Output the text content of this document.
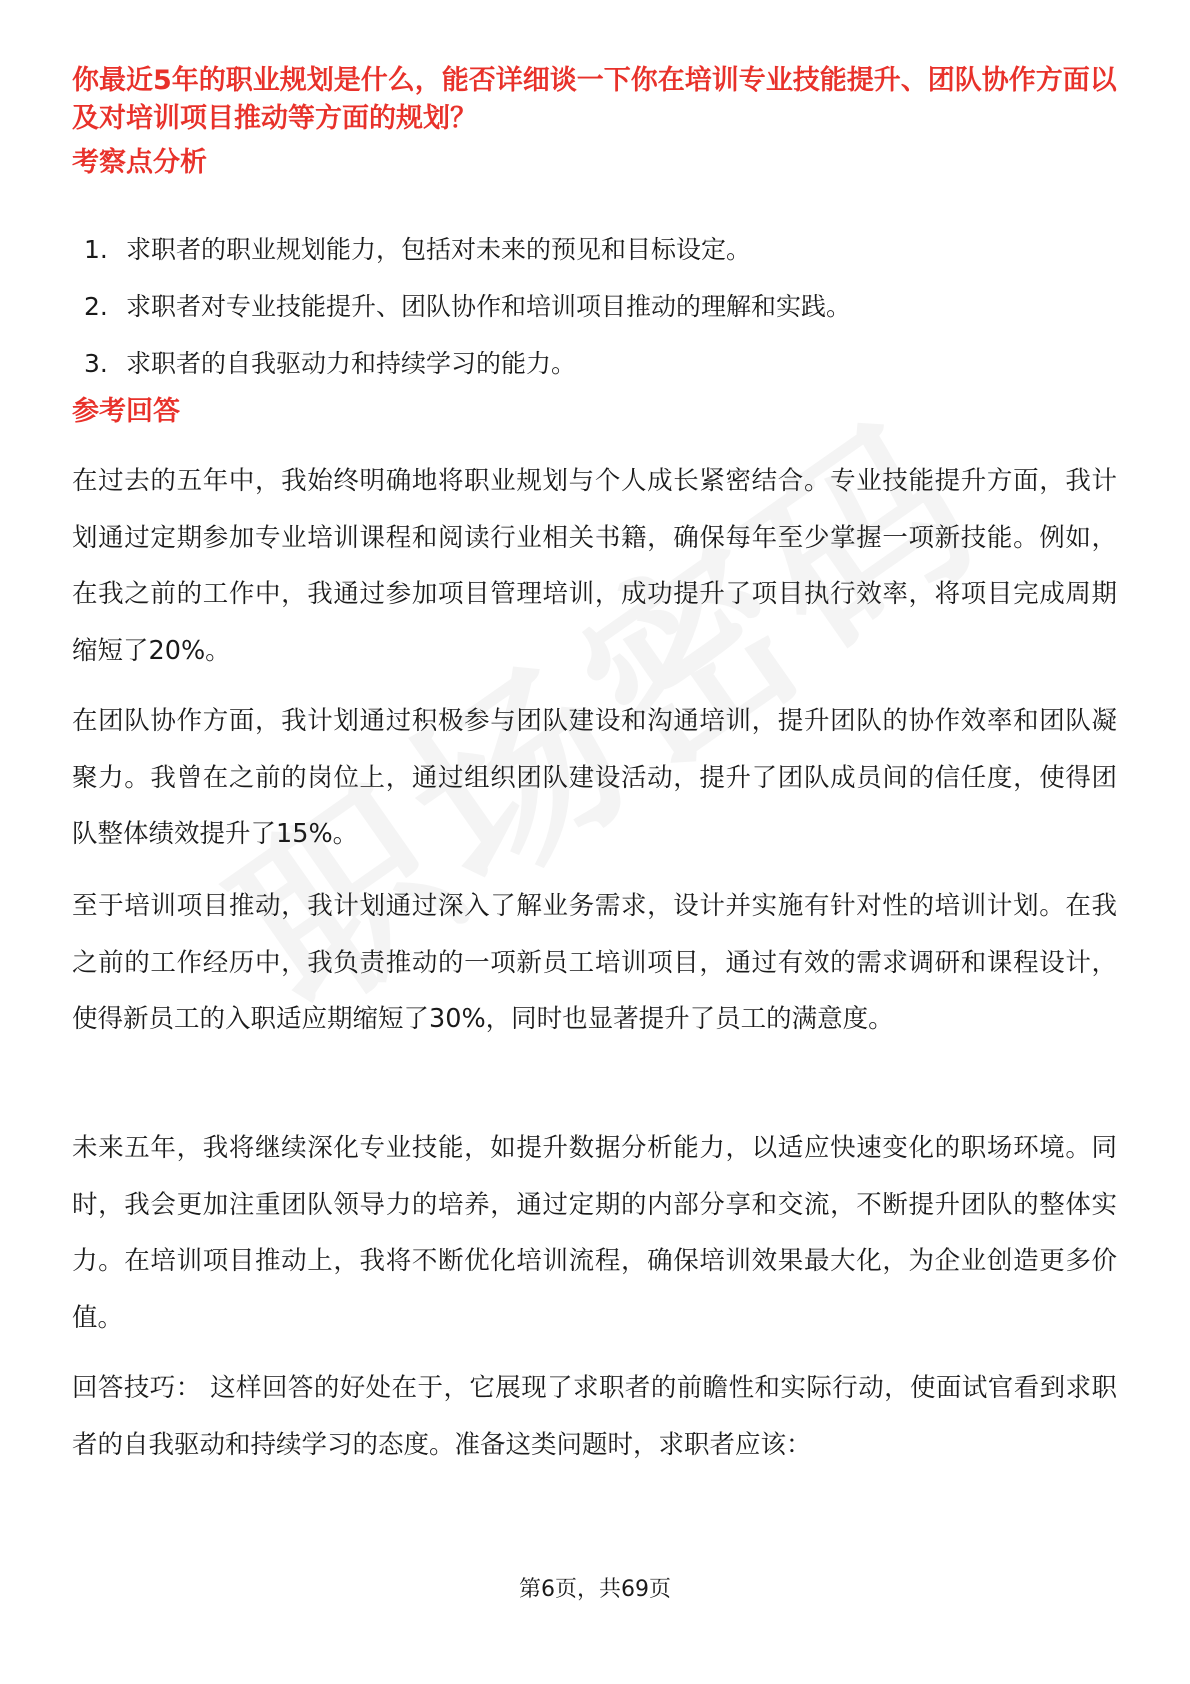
你最近5年的职业规划是什么，能否详细谈一下你在培训专业技能提升、团队协作方面以及对培训项目推动等方面的规划？
考察点分析
1. 求职者的职业规划能力，包括对未来的预见和目标设定。
2. 求职者对专业技能提升、团队协作和培训项目推动的理解和实践。
3. 求职者的自我驱动力和持续学习的能力。
参考回答

在过去的五年中，我始终明确地将职业规划与个人成长紧密结合。专业技能提升方面，我计划通过定期参加专业培训课程和阅读行业相关书籍，确保每年至少掌握一项新技能。例如，在我之前的工作中，我通过参加项目管理培训，成功提升了项目执行效率，将项目完成周期缩短了20%。

在团队协作方面，我计划通过积极参与团队建设和沟通培训，提升团队的协作效率和团队凝聚力。我曾在之前的岗位上，通过组织团队建设活动，提升了团队成员间的信任度，使得团队整体绩效提升了15%。

至于培训项目推动，我计划通过深入了解业务需求，设计并实施有针对性的培训计划。在我之前的工作经历中，我负责推动的一项新员工培训项目，通过有效的需求调研和课程设计，使得新员工的入职适应期缩短了30%，同时也显著提升了员工的满意度。

未来五年，我将继续深化专业技能，如提升数据分析能力，以适应快速变化的职场环境。同时，我会更加注重团队领导力的培养，通过定期的内部分享和交流，不断提升团队的整体实力。在培训项目推动上，我将不断优化培训流程，确保培训效果最大化，为企业创造更多价值。

回答技巧： 这样回答的好处在于，它展现了求职者的前瞻性和实际行动，使面试官看到求职者的自我驱动和持续学习的态度。准备这类问题时，求职者应该：

第6页，共69页
